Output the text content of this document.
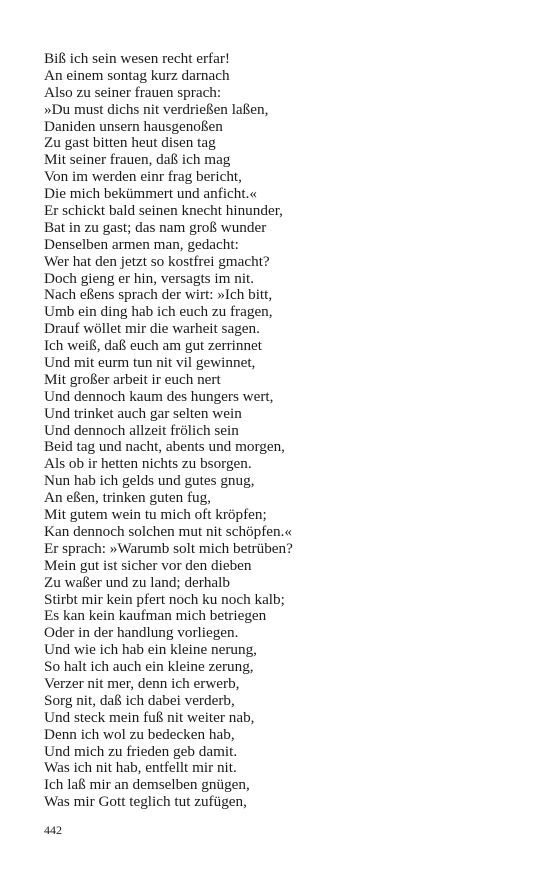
Biß ich sein wesen recht erfar!
An einem sontag kurz darnach
Also zu seiner frauen sprach:
»Du must dichs nit verdrießen laßen,
Daniden unsern hausgenoßen
Zu gast bitten heut disen tag
Mit seiner frauen, daß ich mag
Von im werden einr frag bericht,
Die mich bekümmert und anficht.«
Er schickt bald seinen knecht hinunder,
Bat in zu gast; das nam groß wunder
Denselben armen man, gedacht:
Wer hat den jetzt so kostfrei gmacht?
Doch gieng er hin, versagts im nit.
Nach eßens sprach der wirt: »Ich bitt,
Umb ein ding hab ich euch zu fragen,
Drauf wöllet mir die warheit sagen.
Ich weiß, daß euch am gut zerrinnet
Und mit eurm tun nit vil gewinnet,
Mit großer arbeit ir euch nert
Und dennoch kaum des hungers wert,
Und trinket auch gar selten wein
Und dennoch allzeit frölich sein
Beid tag und nacht, abents und morgen,
Als ob ir hetten nichts zu bsorgen.
Nun hab ich gelds und gutes gnug,
An eßen, trinken guten fug,
Mit gutem wein tu mich oft kröpfen;
Kan dennoch solchen mut nit schöpfen.«
Er sprach: »Warumb solt mich betrüben?
Mein gut ist sicher vor den dieben
Zu waßer und zu land; derhalb
Stirbt mir kein pfert noch ku noch kalb;
Es kan kein kaufman mich betriegen
Oder in der handlung vorliegen.
Und wie ich hab ein kleine nerung,
So halt ich auch ein kleine zerung,
Verzer nit mer, denn ich erwerb,
Sorg nit, daß ich dabei verderb,
Und steck mein fuß nit weiter nab,
Denn ich wol zu bedecken hab,
Und mich zu frieden geb damit.
Was ich nit hab, entfellt mir nit.
Ich laß mir an demselben gnügen,
Was mir Gott teglich tut zufügen,
442
